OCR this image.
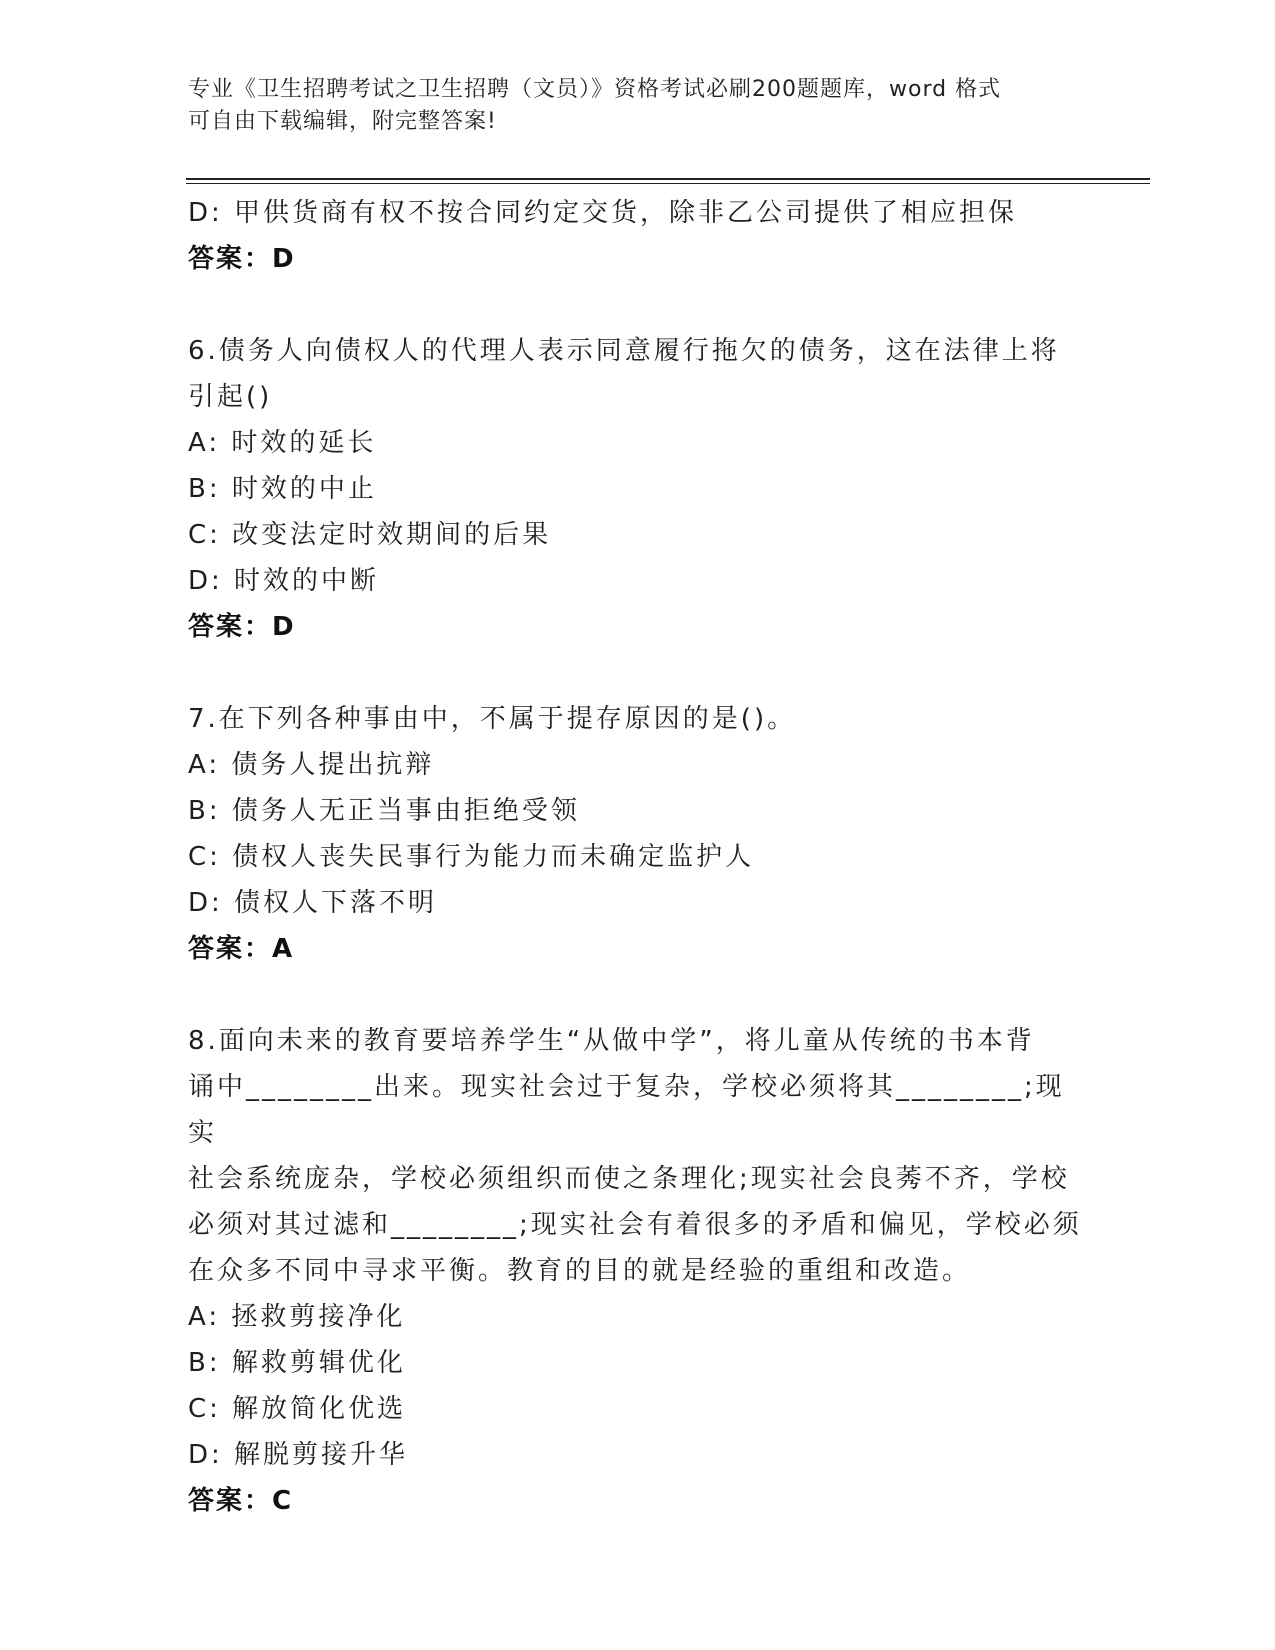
专业《卫生招聘考试之卫生招聘（文员）》资格考试必刷200题题库，word 格式
可自由下载编辑，附完整答案!
D: 甲供货商有权不按合同约定交货，除非乙公司提供了相应担保
答案：D
6.债务人向债权人的代理人表示同意履行拖欠的债务，这在法律上将
引起()
A: 时效的延长
B: 时效的中止
C: 改变法定时效期间的后果
D: 时效的中断
答案：D
7.在下列各种事由中，不属于提存原因的是()。
A: 债务人提出抗辩
B: 债务人无正当事由拒绝受领
C: 债权人丧失民事行为能力而未确定监护人
D: 债权人下落不明
答案：A
8.面向未来的教育要培养学生“从做中学”，将儿童从传统的书本背
诵中________出来。现实社会过于复杂，学校必须将其________;现实
社会系统庞杂，学校必须组织而使之条理化;现实社会良莠不齐，学校
必须对其过滤和________;现实社会有着很多的矛盾和偏见，学校必须
在众多不同中寻求平衡。教育的目的就是经验的重组和改造。
A: 拯救剪接净化
B: 解救剪辑优化
C: 解放简化优选
D: 解脱剪接升华
答案：C
